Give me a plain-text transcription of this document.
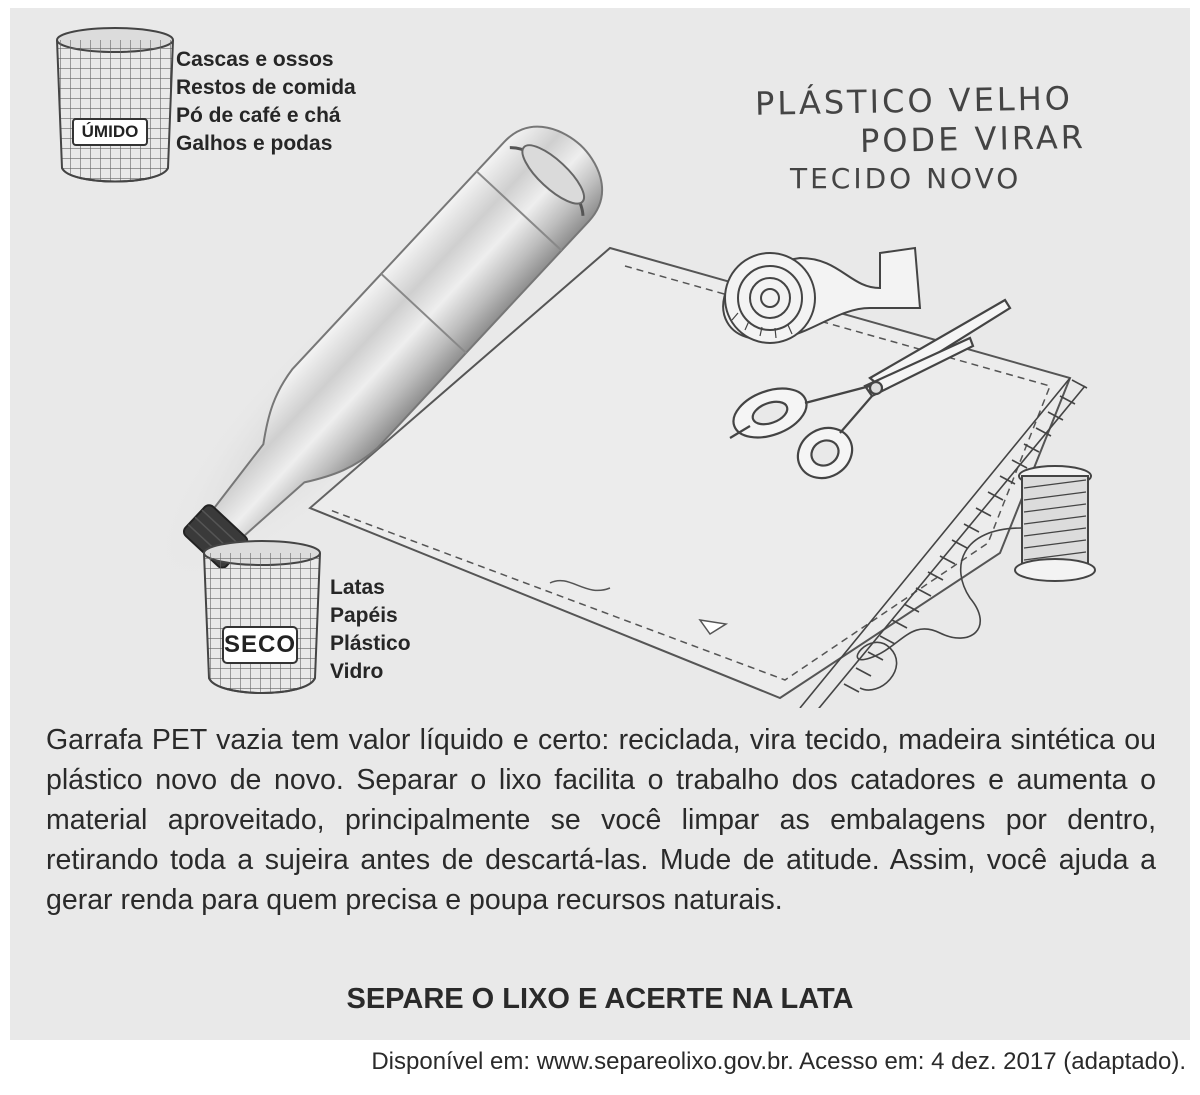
ÚMIDO
SECO
Cascas e ossos
Restos de comida
Pó de café e chá
Galhos e podas
Latas
Papéis
Plástico
Vidro
PLÁSTICO VELHO
PODE VIRAR
TECIDO NOVO
Garrafa PET vazia tem valor líquido e certo: reciclada, vira tecido, madeira sintética ou plástico novo de novo. Separar o lixo facilita o trabalho dos catadores e aumenta o material aproveitado, principalmente se você limpar as embalagens por dentro, retirando toda a sujeira antes de descartá-las. Mude de atitude. Assim, você ajuda a gerar renda para quem precisa e poupa recursos naturais.
SEPARE O LIXO E ACERTE NA LATA
Disponível em: www.separeolixo.gov.br. Acesso em: 4 dez. 2017 (adaptado).
